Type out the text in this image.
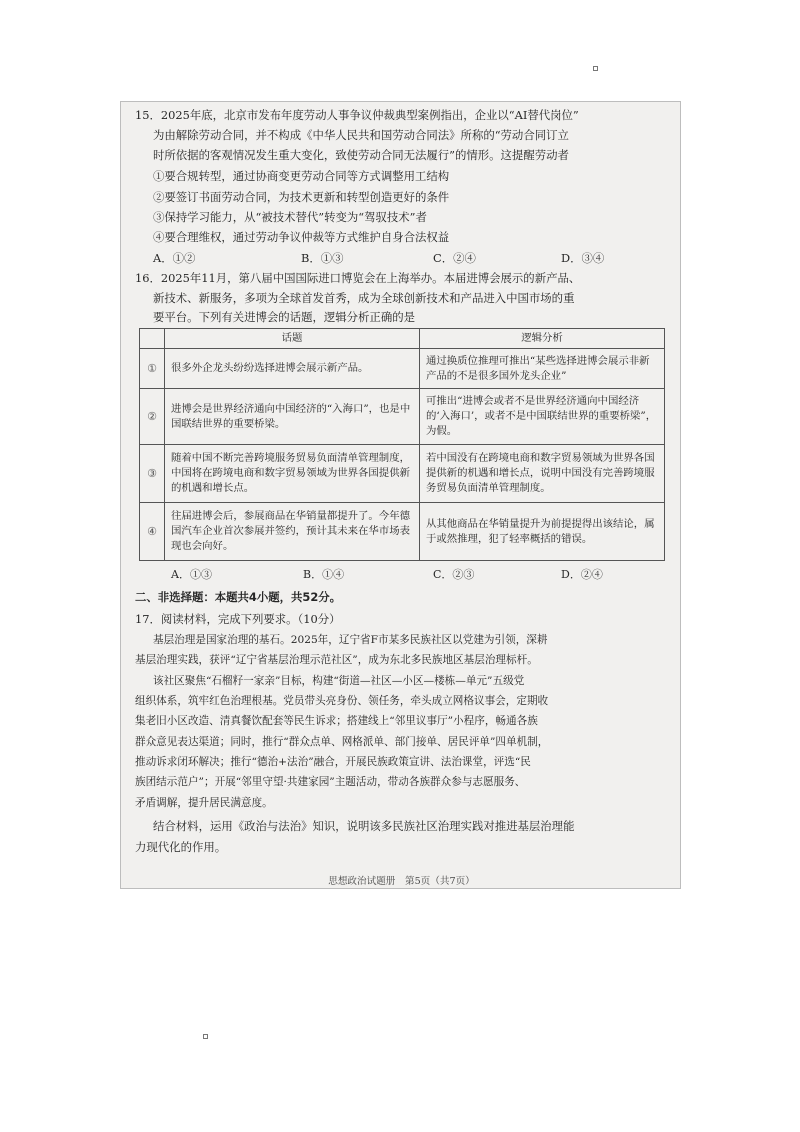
15．2025年底，北京市发布年度劳动人事争议仲裁典型案例指出，企业以“AI替代岗位”
为由解除劳动合同，并不构成《中华人民共和国劳动合同法》所称的“劳动合同订立
时所依据的客观情况发生重大变化，致使劳动合同无法履行”的情形。这提醒劳动者
①要合规转型，通过协商变更劳动合同等方式调整用工结构
②要签订书面劳动合同，为技术更新和转型创造更好的条件
③保持学习能力，从“被技术替代”转变为“驾驭技术”者
④要合理维权，通过劳动争议仲裁等方式维护自身合法权益
A．①②	B．①③	C．②④	D．③④
16．2025年11月，第八届中国国际进口博览会在上海举办。本届进博会展示的新产品、
新技术、新服务，多项为全球首发首秀，成为全球创新技术和产品进入中国市场的重
要平台。下列有关进博会的话题，逻辑分析正确的是
	话题	逻辑分析
①	很多外企龙头纷纷选择进博会展示新产品。	通过换质位推理可推出“某些选择进博会展示非新产品的不是很多国外龙头企业”
②	进博会是世界经济通向中国经济的“入海口”，也是中国联结世界的重要桥梁。	可推出“进博会或者不是世界经济通向中国经济的‘入海口’，或者不是中国联结世界的重要桥梁”，为假。
③	随着中国不断完善跨境服务贸易负面清单管理制度，中国将在跨境电商和数字贸易领域为世界各国提供新的机遇和增长点。	若中国没有在跨境电商和数字贸易领域为世界各国提供新的机遇和增长点，说明中国没有完善跨境服务贸易负面清单管理制度。
④	往届进博会后，参展商品在华销量都提升了。今年德国汽车企业首次参展并签约，预计其未来在华市场表现也会向好。	从其他商品在华销量提升为前提提得出该结论，属于或然推理，犯了轻率概括的错误。
A．①③	B．①④	C．②③	D．②④
二、非选择题：本题共4小题，共52分。
17．阅读材料，完成下列要求。（10分）
基层治理是国家治理的基石。2025年，辽宁省F市某多民族社区以党建为引领，深耕
基层治理实践，获评“辽宁省基层治理示范社区”，成为东北多民族地区基层治理标杆。
该社区聚焦“石榴籽一家亲”目标，构建“街道—社区—小区—楼栋—单元”五级党
组织体系，筑牢红色治理根基。党员带头亮身份、领任务，牵头成立网格议事会，定期收
集老旧小区改造、清真餐饮配套等民生诉求；搭建线上“邻里议事厅”小程序，畅通各族
群众意见表达渠道；同时，推行“群众点单、网格派单、部门接单、居民评单”四单机制，
推动诉求闭环解决；推行“德治+法治”融合，开展民族政策宣讲、法治课堂，评选“民
族团结示范户”；开展“邻里守望·共建家园”主题活动，带动各族群众参与志愿服务、
矛盾调解，提升居民满意度。
结合材料，运用《政治与法治》知识，说明该多民族社区治理实践对推进基层治理能
力现代化的作用。
思想政治试题册　第5页（共7页）
